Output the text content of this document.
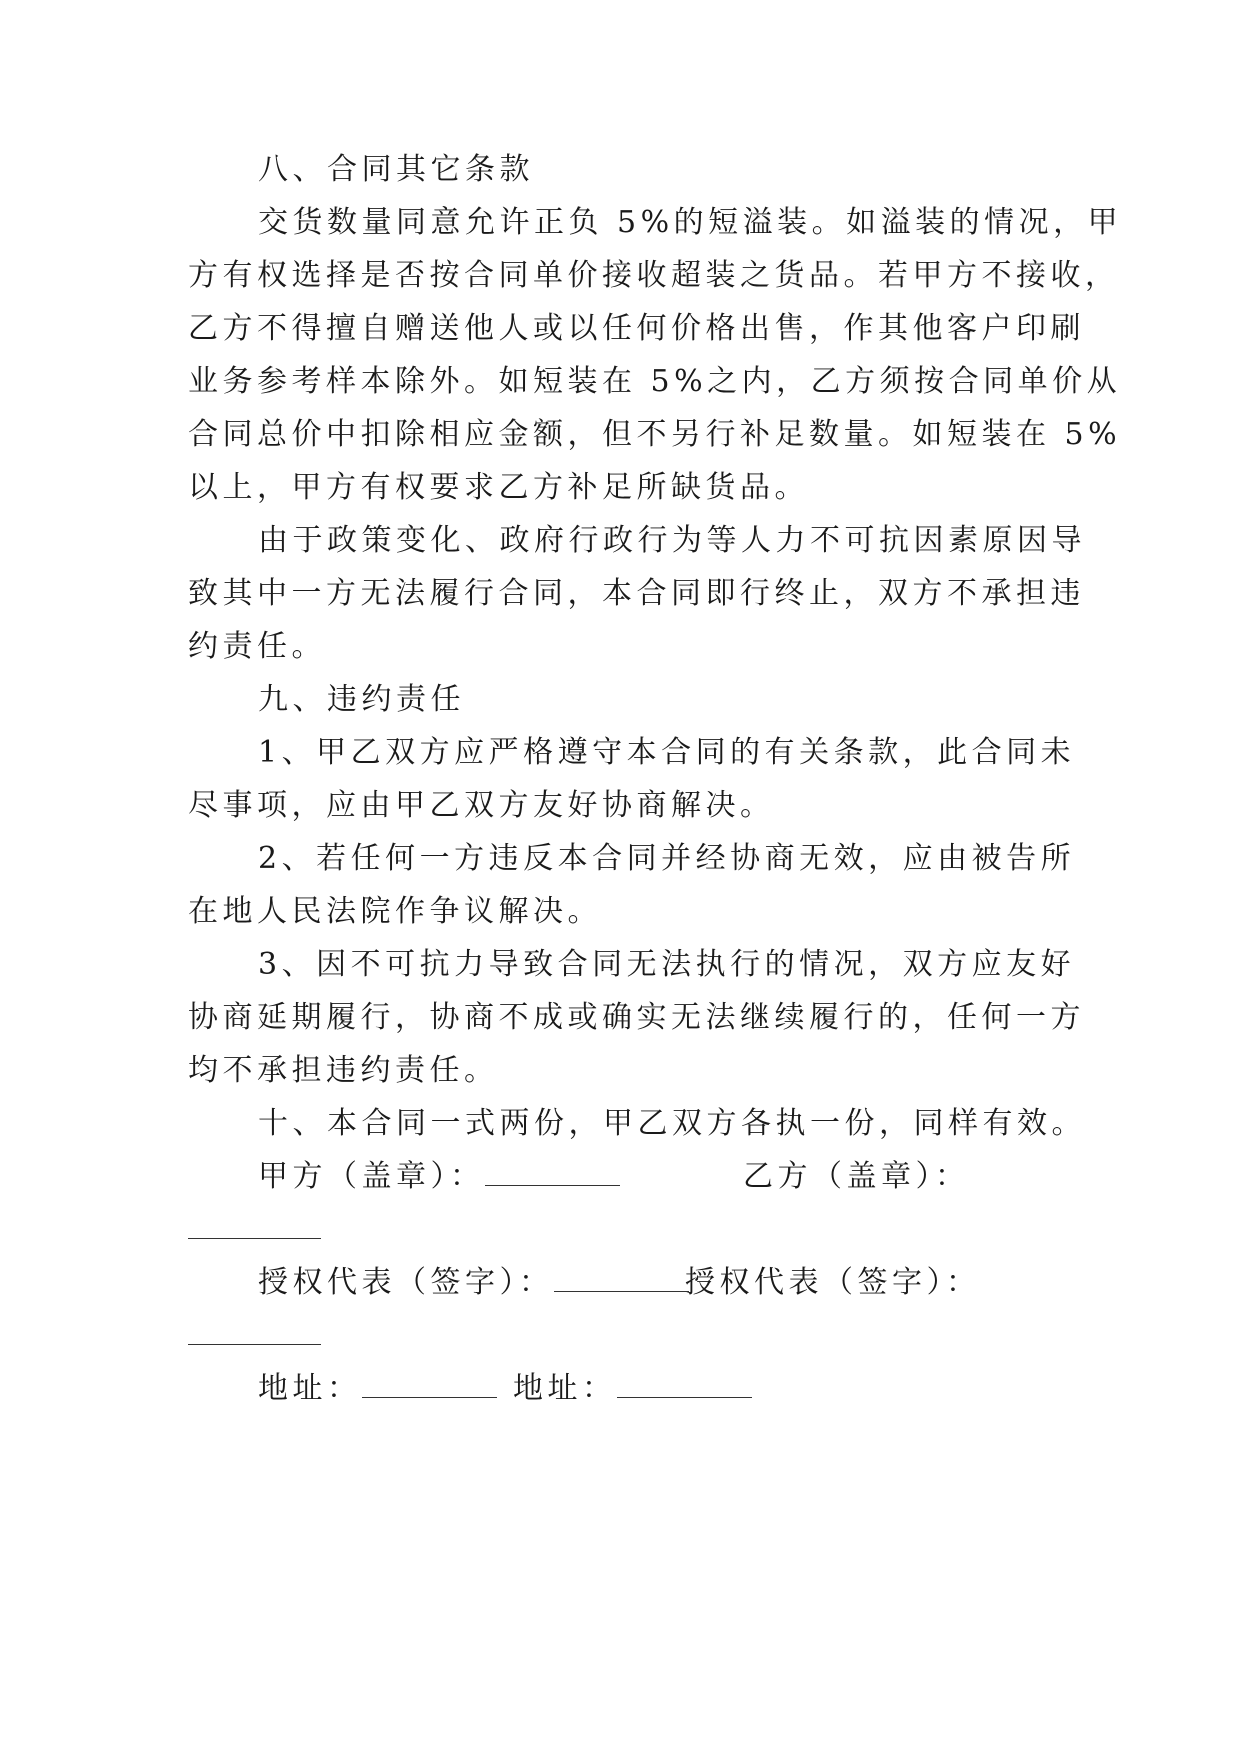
八、合同其它条款
交货数量同意允许正负 5%的短溢装。如溢装的情况，甲
方有权选择是否按合同单价接收超装之货品。若甲方不接收，
乙方不得擅自赠送他人或以任何价格出售，作其他客户印刷
业务参考样本除外。如短装在 5%之内，乙方须按合同单价从
合同总价中扣除相应金额，但不另行补足数量。如短装在 5%
以上，甲方有权要求乙方补足所缺货品。
由于政策变化、政府行政行为等人力不可抗因素原因导
致其中一方无法履行合同，本合同即行终止，双方不承担违
约责任。
九、违约责任
1、甲乙双方应严格遵守本合同的有关条款，此合同未
尽事项，应由甲乙双方友好协商解决。
2、若任何一方违反本合同并经协商无效，应由被告所
在地人民法院作争议解决。
3、因不可抗力导致合同无法执行的情况，双方应友好
协商延期履行，协商不成或确实无法继续履行的，任何一方
均不承担违约责任。
十、本合同一式两份，甲乙双方各执一份，同样有效。
甲方（盖章）：	乙方（盖章）：
授权代表（签字）：	授权代表（签字）：
地址：	地址：
